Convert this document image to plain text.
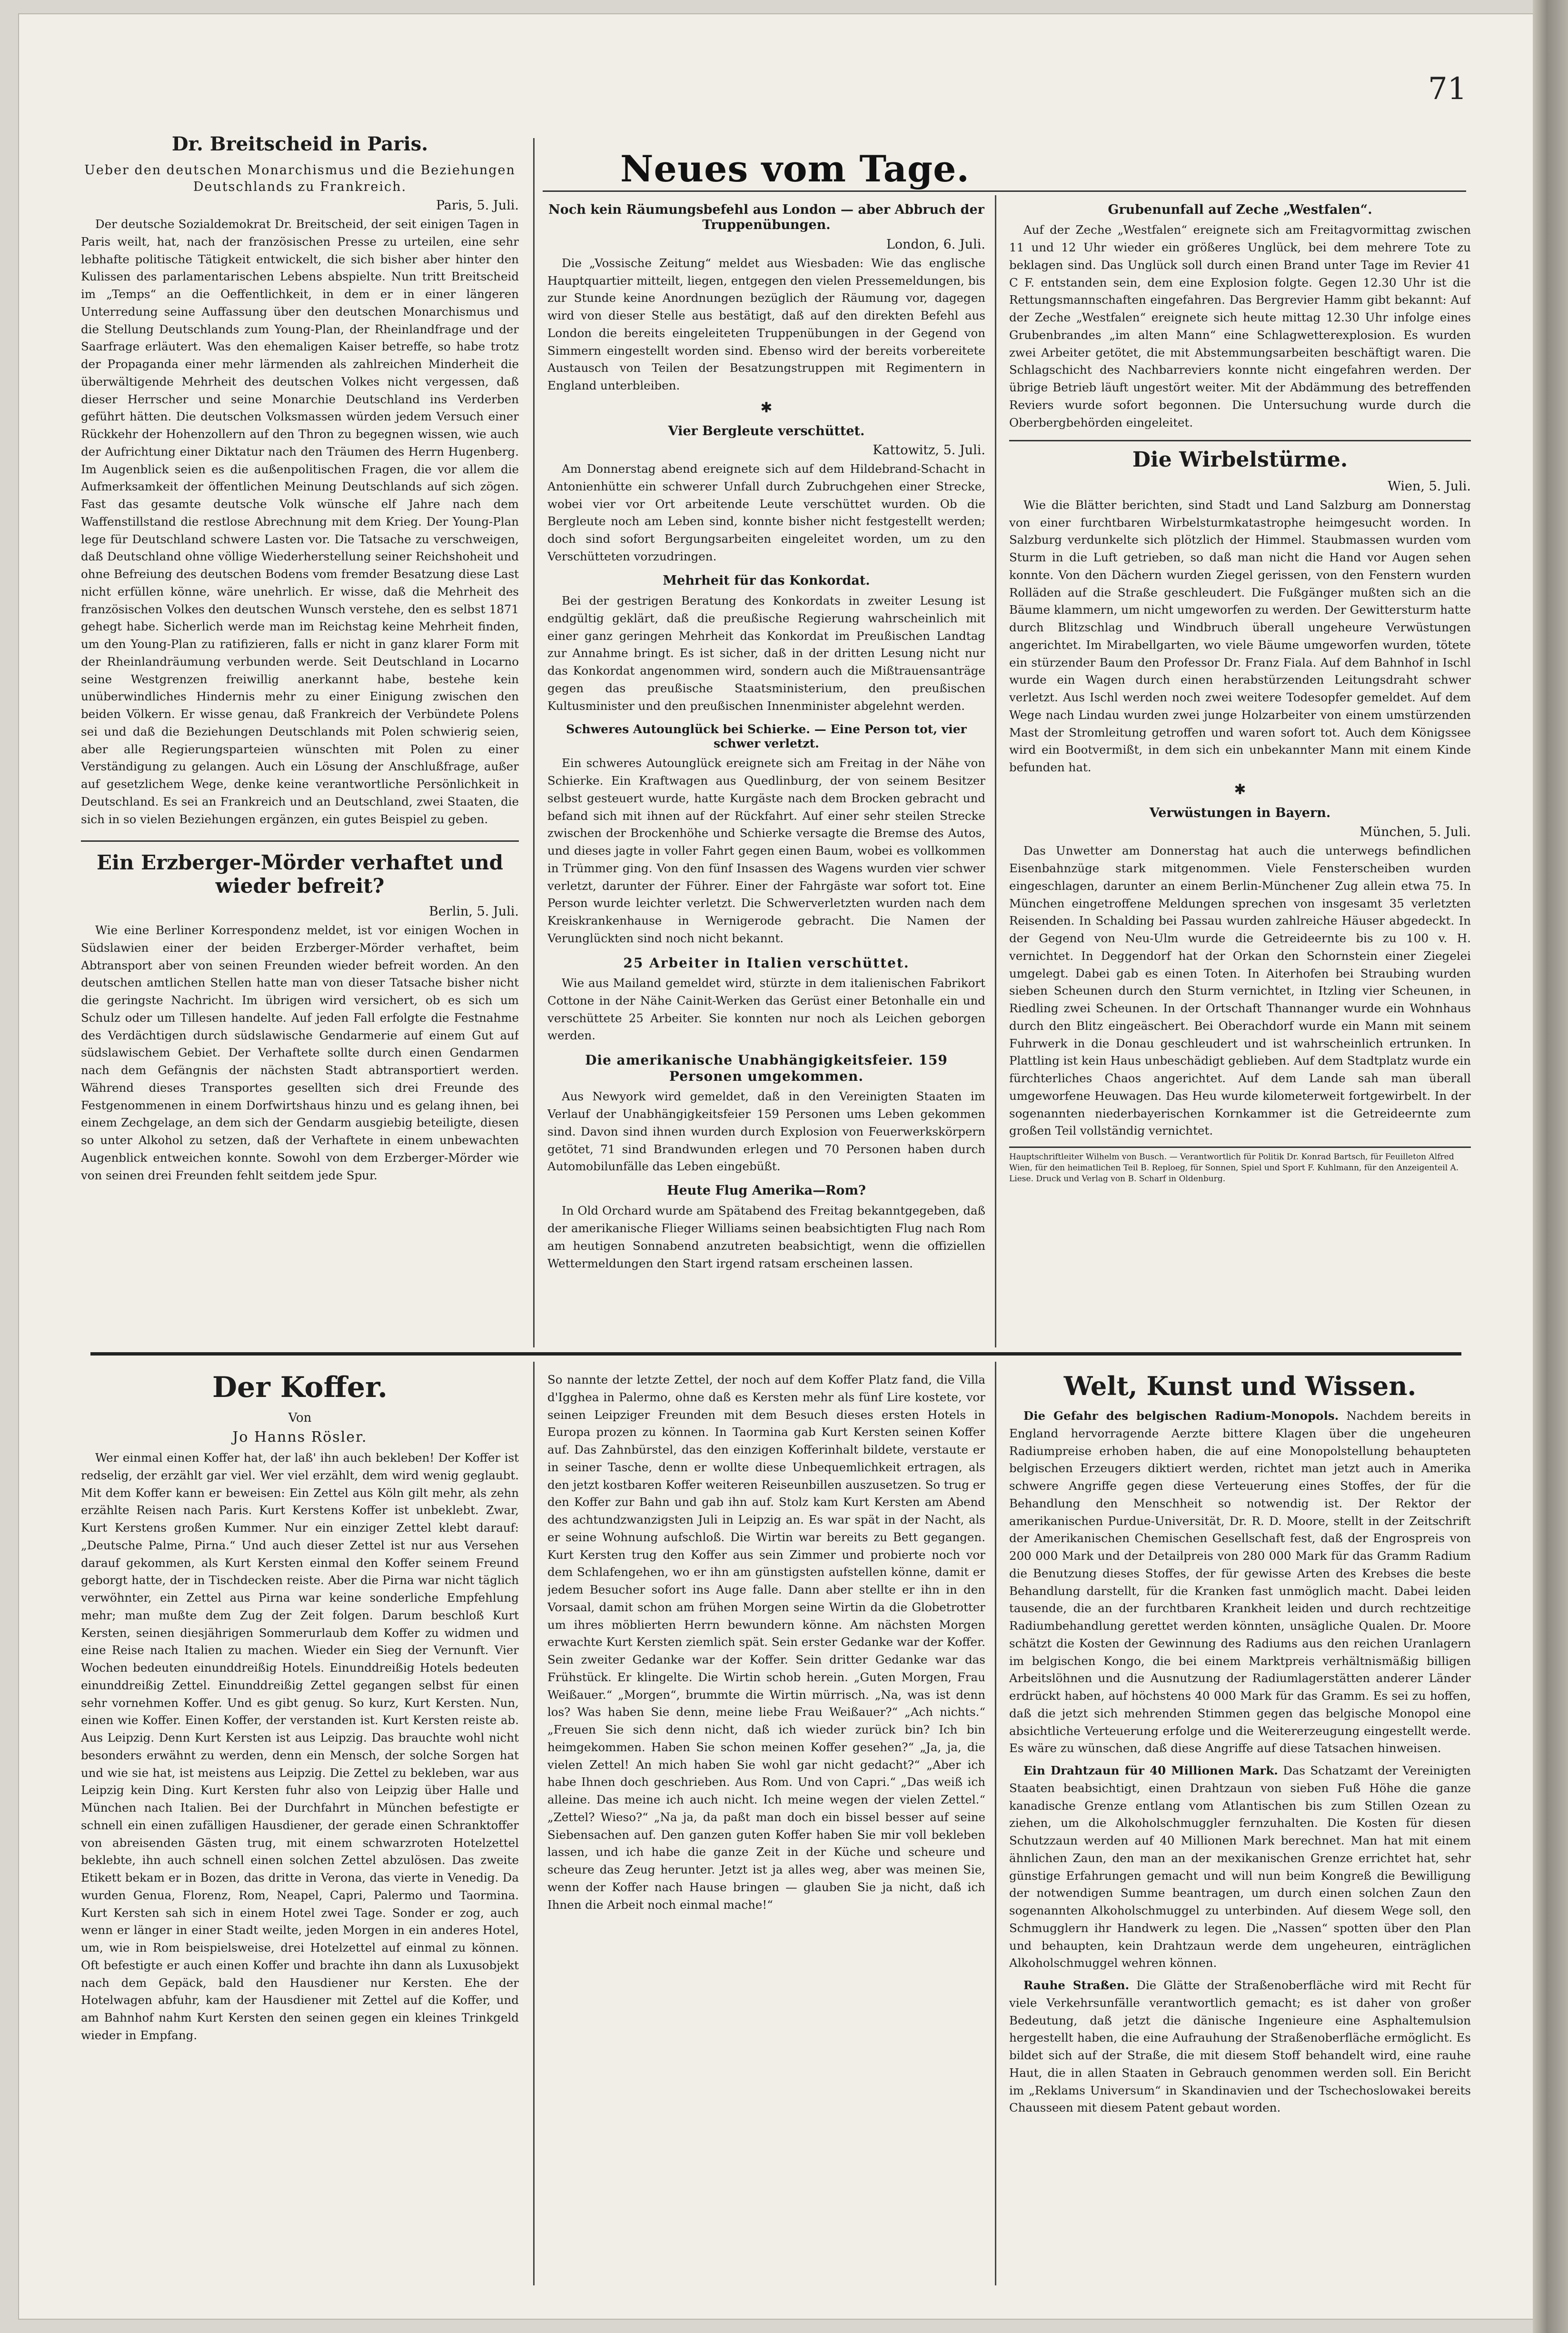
71
Neues vom Tage.
Dr. Breitscheid in Paris.
Ueber den deutschen Monarchismus und die Beziehungen Deutschlands zu Frankreich.
Paris, 5. Juli.

Der deutsche Sozialdemokrat Dr. Breitscheid, der seit einigen Tagen in Paris weilt, hat, nach der französischen Presse zu urteilen, eine sehr lebhafte politische Tätigkeit entwickelt, die sich bisher aber hinter den Kulissen des parlamentarischen Lebens abspielte. Nun tritt Breitscheid im „Temps“ an die Oeffentlichkeit, in dem er in einer längeren Unterredung seine Auffassung über den deutschen Monarchismus und die Stellung Deutschlands zum Young-Plan, der Rheinlandfrage und der Saarfrage erläutert. Was den ehemaligen Kaiser betreffe, so habe trotz der Propaganda einer mehr lärmenden als zahlreichen Minderheit die überwältigende Mehrheit des deutschen Volkes nicht vergessen, daß dieser Herrscher und seine Monarchie Deutschland ins Verderben geführt hätten. Die deutschen Volksmassen würden jedem Versuch einer Rückkehr der Hohenzollern auf den Thron zu begegnen wissen, wie auch der Aufrichtung einer Diktatur nach den Träumen des Herrn Hugenberg. Im Augenblick seien es die außenpolitischen Fragen, die vor allem die Aufmerksamkeit der öffentlichen Meinung Deutschlands auf sich zögen. Fast das gesamte deutsche Volk wünsche elf Jahre nach dem Waffenstillstand die restlose Abrechnung mit dem Krieg. Der Young-Plan lege für Deutschland schwere Lasten vor. Die Tatsache zu verschweigen, daß Deutschland ohne völlige Wiederherstellung seiner Reichshoheit und ohne Befreiung des deutschen Bodens vom fremder Besatzung diese Last nicht erfüllen könne, wäre unehrlich. Er wisse, daß die Mehrheit des französischen Volkes den deutschen Wunsch verstehe, den es selbst 1871 gehegt habe. Sicherlich werde man im Reichstag keine Mehrheit finden, um den Young-Plan zu ratifizieren, falls er nicht in ganz klarer Form mit der Rheinlandräumung verbunden werde. Seit Deutschland in Locarno seine Westgrenzen freiwillig anerkannt habe, bestehe kein unüberwindliches Hindernis mehr zu einer Einigung zwischen den beiden Völkern. Er wisse genau, daß Frankreich der Verbündete Polens sei und daß die Beziehungen Deutschlands mit Polen schwierig seien, aber alle Regierungsparteien wünschten mit Polen zu einer Verständigung zu gelangen. Auch ein Lösung der Anschlußfrage, außer auf gesetzlichem Wege, denke keine verantwortliche Persönlichkeit in Deutschland. Es sei an Frankreich und an Deutschland, zwei Staaten, die sich in so vielen Beziehungen ergänzen, ein gutes Beispiel zu geben.

Ein Erzberger-Mörder verhaftet und wieder befreit?
Berlin, 5. Juli.

Wie eine Berliner Korrespondenz meldet, ist vor einigen Wochen in Südslawien einer der beiden Erzberger-Mörder verhaftet, beim Abtransport aber von seinen Freunden wieder befreit worden. An den deutschen amtlichen Stellen hatte man von dieser Tatsache bisher nicht die geringste Nachricht. Im übrigen wird versichert, ob es sich um Schulz oder um Tillesen handelte. Auf jeden Fall erfolgte die Festnahme des Verdächtigen durch südslawische Gendarmerie auf einem Gut auf südslawischem Gebiet. Der Verhaftete sollte durch einen Gendarmen nach dem Gefängnis der nächsten Stadt abtransportiert werden. Während dieses Transportes gesellten sich drei Freunde des Festgenommenen in einem Dorfwirtshaus hinzu und es gelang ihnen, bei einem Zechgelage, an dem sich der Gendarm ausgiebig beteiligte, diesen so unter Alkohol zu setzen, daß der Verhaftete in einem unbewachten Augenblick entweichen konnte. Sowohl von dem Erzberger-Mörder wie von seinen drei Freunden fehlt seitdem jede Spur.

Noch kein Räumungsbefehl aus London — aber Abbruch der Truppenübungen.
London, 6. Juli.

Die „Vossische Zeitung“ meldet aus Wiesbaden: Wie das englische Hauptquartier mitteilt, liegen, entgegen den vielen Pressemeldungen, bis zur Stunde keine Anordnungen bezüglich der Räumung vor, dagegen wird von dieser Stelle aus bestätigt, daß auf den direkten Befehl aus London die bereits eingeleiteten Truppenübungen in der Gegend von Simmern eingestellt worden sind. Ebenso wird der bereits vorbereitete Austausch von Teilen der Besatzungstruppen mit Regimentern in England unterbleiben.

✱
Vier Bergleute verschüttet.
Kattowitz, 5. Juli.

Am Donnerstag abend ereignete sich auf dem Hildebrand-Schacht in Antonienhütte ein schwerer Unfall durch Zubruchgehen einer Strecke, wobei vier vor Ort arbeitende Leute verschüttet wurden. Ob die Bergleute noch am Leben sind, konnte bisher nicht festgestellt werden; doch sind sofort Bergungsarbeiten eingeleitet worden, um zu den Verschütteten vorzudringen.

Mehrheit für das Konkordat.

Bei der gestrigen Beratung des Konkordats in zweiter Lesung ist endgültig geklärt, daß die preußische Regierung wahrscheinlich mit einer ganz geringen Mehrheit das Konkordat im Preußischen Landtag zur Annahme bringt. Es ist sicher, daß in der dritten Lesung nicht nur das Konkordat angenommen wird, sondern auch die Mißtrauensanträge gegen das preußische Staatsministerium, den preußischen Kultusminister und den preußischen Innenminister abgelehnt werden.

Schweres Autounglück bei Schierke. — Eine Person tot, vier schwer verletzt.

Ein schweres Autounglück ereignete sich am Freitag in der Nähe von Schierke. Ein Kraftwagen aus Quedlinburg, der von seinem Besitzer selbst gesteuert wurde, hatte Kurgäste nach dem Brocken gebracht und befand sich mit ihnen auf der Rückfahrt. Auf einer sehr steilen Strecke zwischen der Brockenhöhe und Schierke versagte die Bremse des Autos, und dieses jagte in voller Fahrt gegen einen Baum, wobei es vollkommen in Trümmer ging. Von den fünf Insassen des Wagens wurden vier schwer verletzt, darunter der Führer. Einer der Fahrgäste war sofort tot. Eine Person wurde leichter verletzt. Die Schwerverletzten wurden nach dem Kreiskrankenhause in Wernigerode gebracht. Die Namen der Verunglückten sind noch nicht bekannt.

25 Arbeiter in Italien verschüttet.

Wie aus Mailand gemeldet wird, stürzte in dem italienischen Fabrikort Cottone in der Nähe Cainit-Werken das Gerüst einer Betonhalle ein und verschüttete 25 Arbeiter. Sie konnten nur noch als Leichen geborgen werden.

Die amerikanische Unabhängigkeitsfeier. 159 Personen umgekommen.

Aus Newyork wird gemeldet, daß in den Vereinigten Staaten im Verlauf der Unabhängigkeitsfeier 159 Personen ums Leben gekommen sind. Davon sind ihnen wurden durch Explosion von Feuerwerkskörpern getötet, 71 sind Brandwunden erlegen und 70 Personen haben durch Automobilunfälle das Leben eingebüßt.

Heute Flug Amerika—Rom?

In Old Orchard wurde am Spätabend des Freitag bekanntgegeben, daß der amerikanische Flieger Williams seinen beabsichtigten Flug nach Rom am heutigen Sonnabend anzutreten beabsichtigt, wenn die offiziellen Wettermeldungen den Start irgend ratsam erscheinen lassen.

Grubenunfall auf Zeche „Westfalen“.

Auf der Zeche „Westfalen“ ereignete sich am Freitagvormittag zwischen 11 und 12 Uhr wieder ein größeres Unglück, bei dem mehrere Tote zu beklagen sind. Das Unglück soll durch einen Brand unter Tage im Revier 41 C F. entstanden sein, dem eine Explosion folgte. Gegen 12.30 Uhr ist die Rettungsmannschaften eingefahren. Das Bergrevier Hamm gibt bekannt: Auf der Zeche „Westfalen“ ereignete sich heute mittag 12.30 Uhr infolge eines Grubenbrandes „im alten Mann“ eine Schlagwetterexplosion. Es wurden zwei Arbeiter getötet, die mit Abstemmungsarbeiten beschäftigt waren. Die Schlagschicht des Nachbarreviers konnte nicht eingefahren werden. Der übrige Betrieb läuft ungestört weiter. Mit der Abdämmung des betreffenden Reviers wurde sofort begonnen. Die Untersuchung wurde durch die Oberbergbehörden eingeleitet.

Die Wirbelstürme.
Wien, 5. Juli.

Wie die Blätter berichten, sind Stadt und Land Salzburg am Donnerstag von einer furchtbaren Wirbelsturmkatastrophe heimgesucht worden. In Salzburg verdunkelte sich plötzlich der Himmel. Staubmassen wurden vom Sturm in die Luft getrieben, so daß man nicht die Hand vor Augen sehen konnte. Von den Dächern wurden Ziegel gerissen, von den Fenstern wurden Rolläden auf die Straße geschleudert. Die Fußgänger mußten sich an die Bäume klammern, um nicht umgeworfen zu werden. Der Gewittersturm hatte durch Blitzschlag und Windbruch überall ungeheure Verwüstungen angerichtet. Im Mirabellgarten, wo viele Bäume umgeworfen wurden, tötete ein stürzender Baum den Professor Dr. Franz Fiala. Auf dem Bahnhof in Ischl wurde ein Wagen durch einen herabstürzenden Leitungsdraht schwer verletzt. Aus Ischl werden noch zwei weitere Todesopfer gemeldet. Auf dem Wege nach Lindau wurden zwei junge Holzarbeiter von einem umstürzenden Mast der Stromleitung getroffen und waren sofort tot. Auch dem Königssee wird ein Bootvermißt, in dem sich ein unbekannter Mann mit einem Kinde befunden hat.

✱
Verwüstungen in Bayern.
München, 5. Juli.

Das Unwetter am Donnerstag hat auch die unterwegs befindlichen Eisenbahnzüge stark mitgenommen. Viele Fensterscheiben wurden eingeschlagen, darunter an einem Berlin-Münchener Zug allein etwa 75. In München eingetroffene Meldungen sprechen von insgesamt 35 verletzten Reisenden. In Schalding bei Passau wurden zahlreiche Häuser abgedeckt. In der Gegend von Neu-Ulm wurde die Getreideernte bis zu 100 v. H. vernichtet. In Deggendorf hat der Orkan den Schornstein einer Ziegelei umgelegt. Dabei gab es einen Toten. In Aiterhofen bei Straubing wurden sieben Scheunen durch den Sturm vernichtet, in Itzling vier Scheunen, in Riedling zwei Scheunen. In der Ortschaft Thannanger wurde ein Wohnhaus durch den Blitz eingeäschert. Bei Oberachdorf wurde ein Mann mit seinem Fuhrwerk in die Donau geschleudert und ist wahrscheinlich ertrunken. In Plattling ist kein Haus unbeschädigt geblieben. Auf dem Stadtplatz wurde ein fürchterliches Chaos angerichtet. Auf dem Lande sah man überall umgeworfene Heuwagen. Das Heu wurde kilometerweit fortgewirbelt. In der sogenannten niederbayerischen Kornkammer ist die Getreideernte zum großen Teil vollständig vernichtet.

Hauptschriftleiter Wilhelm von Busch. — Verantwortlich für Politik Dr. Konrad Bartsch, für Feuilleton Alfred Wien, für den heimatlichen Teil B. Reploeg, für Sonnen, Spiel und Sport F. Kuhlmann, für den Anzeigenteil A. Liese. Druck und Verlag von B. Scharf in Oldenburg.
Der Koffer.
Von
Jo Hanns Rösler.

Wer einmal einen Koffer hat, der laß' ihn auch bekleben! Der Koffer ist redselig, der erzählt gar viel. Wer viel erzählt, dem wird wenig geglaubt. Mit dem Koffer kann er beweisen: Ein Zettel aus Köln gilt mehr, als zehn erzählte Reisen nach Paris. Kurt Kerstens Koffer ist unbeklebt. Zwar, Kurt Kerstens großen Kummer. Nur ein einziger Zettel klebt darauf: „Deutsche Palme, Pirna.“ Und auch dieser Zettel ist nur aus Versehen darauf gekommen, als Kurt Kersten einmal den Koffer seinem Freund geborgt hatte, der in Tischdecken reiste. Aber die Pirna war nicht täglich verwöhnter, ein Zettel aus Pirna war keine sonderliche Empfehlung mehr; man mußte dem Zug der Zeit folgen. Darum beschloß Kurt Kersten, seinen diesjährigen Sommerurlaub dem Koffer zu widmen und eine Reise nach Italien zu machen. Wieder ein Sieg der Vernunft. Vier Wochen bedeuten einunddreißig Hotels. Einunddreißig Hotels bedeuten einunddreißig Zettel. Einunddreißig Zettel gegangen selbst für einen sehr vornehmen Koffer. Und es gibt genug. So kurz, Kurt Kersten. Nun, einen wie Koffer. Einen Koffer, der verstanden ist. Kurt Kersten reiste ab. Aus Leipzig. Denn Kurt Kersten ist aus Leipzig. Das brauchte wohl nicht besonders erwähnt zu werden, denn ein Mensch, der solche Sorgen hat und wie sie hat, ist meistens aus Leipzig. Die Zettel zu bekleben, war aus Leipzig kein Ding. Kurt Kersten fuhr also von Leipzig über Halle und München nach Italien. Bei der Durchfahrt in München befestigte er schnell ein einen zufälligen Hausdiener, der gerade einen Schranktoffer von abreisenden Gästen trug, mit einem schwarzroten Hotelzettel beklebte, ihn auch schnell einen solchen Zettel abzulösen. Das zweite Etikett bekam er in Bozen, das dritte in Verona, das vierte in Venedig. Da wurden Genua, Florenz, Rom, Neapel, Capri, Palermo und Taormina. Kurt Kersten sah sich in einem Hotel zwei Tage. Sonder er zog, auch wenn er länger in einer Stadt weilte, jeden Morgen in ein anderes Hotel, um, wie in Rom beispielsweise, drei Hotelzettel auf einmal zu können. Oft befestigte er auch einen Koffer und brachte ihn dann als Luxusobjekt nach dem Gepäck, bald den Hausdiener nur Kersten. Ehe der Hotelwagen abfuhr, kam der Hausdiener mit Zettel auf die Koffer, und am Bahnhof nahm Kurt Kersten den seinen gegen ein kleines Trinkgeld wieder in Empfang.

So nannte der letzte Zettel, der noch auf dem Koffer Platz fand, die Villa d'Igghea in Palermo, ohne daß es Kersten mehr als fünf Lire kostete, vor seinen Leipziger Freunden mit dem Besuch dieses ersten Hotels in Europa prozen zu können. In Taormina gab Kurt Kersten seinen Koffer auf. Das Zahnbürstel, das den einzigen Kofferinhalt bildete, verstaute er in seiner Tasche, denn er wollte diese Unbequemlichkeit ertragen, als den jetzt kostbaren Koffer weiteren Reiseunbillen auszusetzen. So trug er den Koffer zur Bahn und gab ihn auf. Stolz kam Kurt Kersten am Abend des achtundzwanzigsten Juli in Leipzig an. Es war spät in der Nacht, als er seine Wohnung aufschloß. Die Wirtin war bereits zu Bett gegangen. Kurt Kersten trug den Koffer aus sein Zimmer und probierte noch vor dem Schlafengehen, wo er ihn am günstigsten aufstellen könne, damit er jedem Besucher sofort ins Auge falle. Dann aber stellte er ihn in den Vorsaal, damit schon am frühen Morgen seine Wirtin da die Globetrotter um ihres möblierten Herrn bewundern könne. Am nächsten Morgen erwachte Kurt Kersten ziemlich spät. Sein erster Gedanke war der Koffer. Sein zweiter Gedanke war der Koffer. Sein dritter Gedanke war das Frühstück. Er klingelte. Die Wirtin schob herein. „Guten Morgen, Frau Weißauer.“ „Morgen“, brummte die Wirtin mürrisch. „Na, was ist denn los? Was haben Sie denn, meine liebe Frau Weißauer?“ „Ach nichts.“ „Freuen Sie sich denn nicht, daß ich wieder zurück bin? Ich bin heimgekommen. Haben Sie schon meinen Koffer gesehen?“ „Ja, ja, die vielen Zettel! An mich haben Sie wohl gar nicht gedacht?“ „Aber ich habe Ihnen doch geschrieben. Aus Rom. Und von Capri.“ „Das weiß ich alleine. Das meine ich auch nicht. Ich meine wegen der vielen Zettel.“ „Zettel? Wieso?“ „Na ja, da paßt man doch ein bissel besser auf seine Siebensachen auf. Den ganzen guten Koffer haben Sie mir voll bekleben lassen, und ich habe die ganze Zeit in der Küche und scheure und scheure das Zeug herunter. Jetzt ist ja alles weg, aber was meinen Sie, wenn der Koffer nach Hause bringen — glauben Sie ja nicht, daß ich Ihnen die Arbeit noch einmal mache!“

Welt, Kunst und Wissen.

Die Gefahr des belgischen Radium-Monopols. Nachdem bereits in England hervorragende Aerzte bittere Klagen über die ungeheuren Radiumpreise erhoben haben, die auf eine Monopolstellung behaupteten belgischen Erzeugers diktiert werden, richtet man jetzt auch in Amerika schwere Angriffe gegen diese Verteuerung eines Stoffes, der für die Behandlung den Menschheit so notwendig ist. Der Rektor der amerikanischen Purdue-Universität, Dr. R. D. Moore, stellt in der Zeitschrift der Amerikanischen Chemischen Gesellschaft fest, daß der Engrospreis von 200 000 Mark und der Detailpreis von 280 000 Mark für das Gramm Radium die Benutzung dieses Stoffes, der für gewisse Arten des Krebses die beste Behandlung darstellt, für die Kranken fast unmöglich macht. Dabei leiden tausende, die an der furchtbaren Krankheit leiden und durch rechtzeitige Radiumbehandlung gerettet werden könnten, unsägliche Qualen. Dr. Moore schätzt die Kosten der Gewinnung des Radiums aus den reichen Uranlagern im belgischen Kongo, die bei einem Marktpreis verhältnismäßig billigen Arbeitslöhnen und die Ausnutzung der Radiumlagerstätten anderer Länder erdrückt haben, auf höchstens 40 000 Mark für das Gramm. Es sei zu hoffen, daß die jetzt sich mehrenden Stimmen gegen das belgische Monopol eine absichtliche Verteuerung erfolge und die Weitererzeugung eingestellt werde. Es wäre zu wünschen, daß diese Angriffe auf diese Tatsachen hinweisen.

Ein Drahtzaun für 40 Millionen Mark. Das Schatzamt der Vereinigten Staaten beabsichtigt, einen Drahtzaun von sieben Fuß Höhe die ganze kanadische Grenze entlang vom Atlantischen bis zum Stillen Ozean zu ziehen, um die Alkoholschmuggler fernzuhalten. Die Kosten für diesen Schutzzaun werden auf 40 Millionen Mark berechnet. Man hat mit einem ähnlichen Zaun, den man an der mexikanischen Grenze errichtet hat, sehr günstige Erfahrungen gemacht und will nun beim Kongreß die Bewilligung der notwendigen Summe beantragen, um durch einen solchen Zaun den sogenannten Alkoholschmuggel zu unterbinden. Auf diesem Wege soll, den Schmugglern ihr Handwerk zu legen. Die „Nassen“ spotten über den Plan und behaupten, kein Drahtzaun werde dem ungeheuren, einträglichen Alkoholschmuggel wehren können.

Rauhe Straßen. Die Glätte der Straßenoberfläche wird mit Recht für viele Verkehrsunfälle verantwortlich gemacht; es ist daher von großer Bedeutung, daß jetzt die dänische Ingenieure eine Asphaltemulsion hergestellt haben, die eine Aufrauhung der Straßenoberfläche ermöglicht. Es bildet sich auf der Straße, die mit diesem Stoff behandelt wird, eine rauhe Haut, die in allen Staaten in Gebrauch genommen werden soll. Ein Bericht im „Reklams Universum“ in Skandinavien und der Tschechoslowakei bereits Chausseen mit diesem Patent gebaut worden.
